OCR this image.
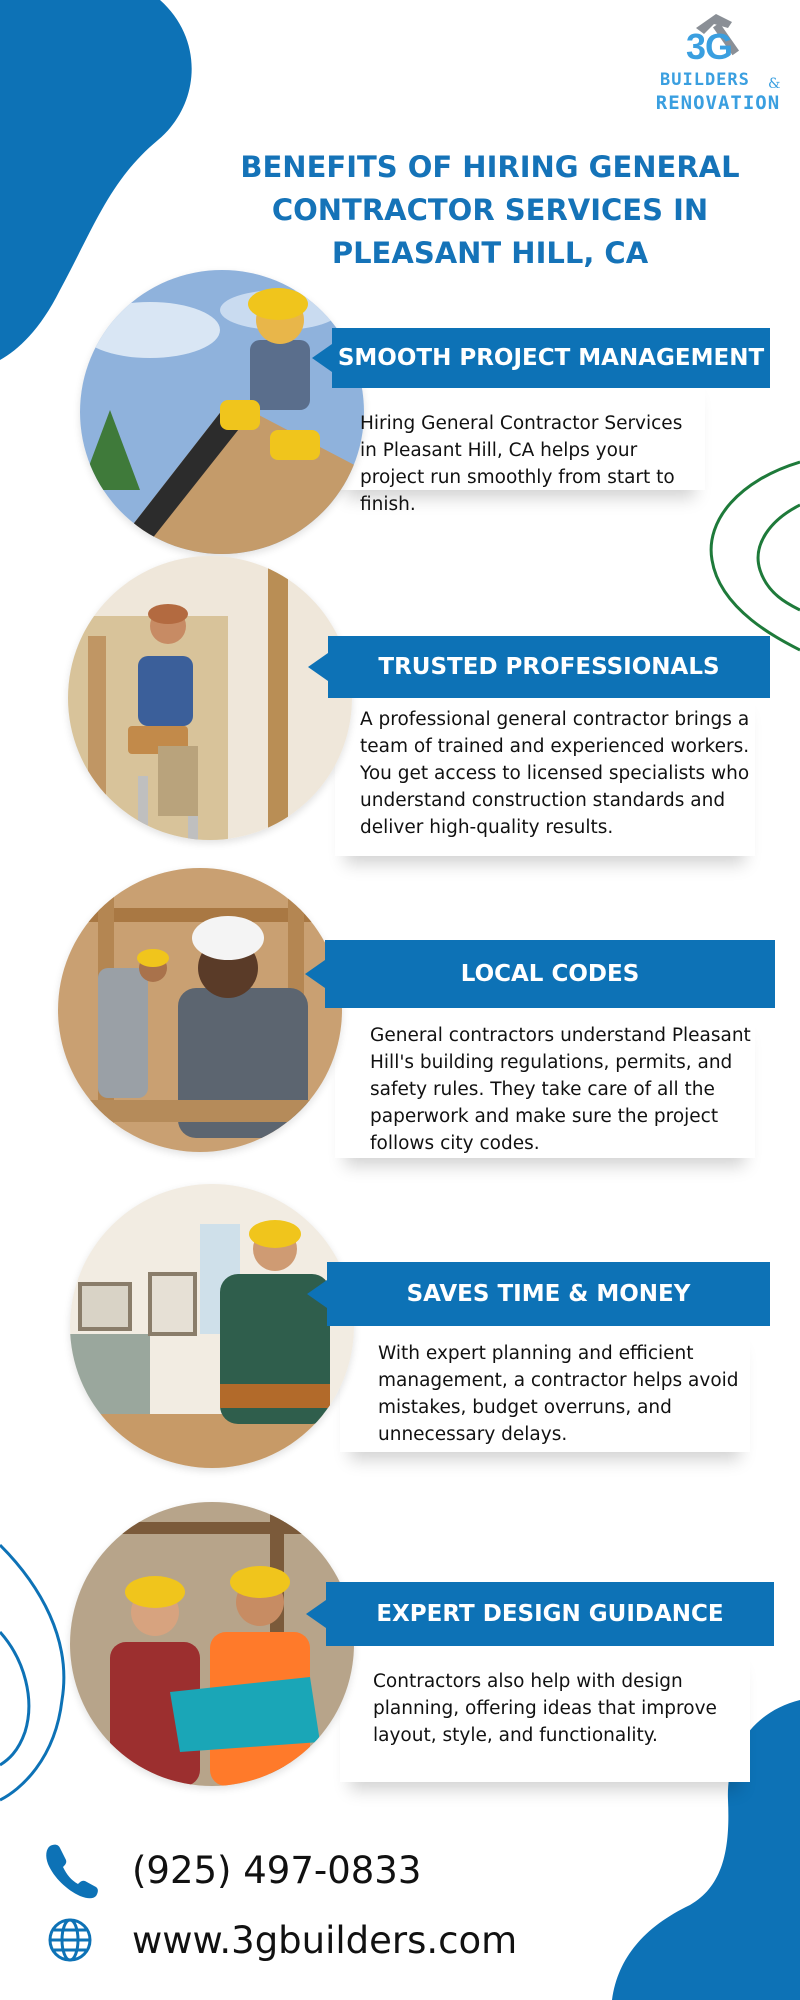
3G
BUILDERS	&
RENOVATION
BENEFITS OF HIRING GENERAL CONTRACTOR SERVICES IN PLEASANT HILL, CA
SMOOTH PROJECT MANAGEMENT
Hiring General Contractor Services in Pleasant Hill, CA helps your project run smoothly from start to finish.
TRUSTED PROFESSIONALS
A professional general contractor brings a team of trained and experienced workers. You get access to licensed specialists who understand construction standards and deliver high-quality results.
LOCAL CODES
General contractors understand Pleasant Hill's building regulations, permits, and safety rules. They take care of all the paperwork and make sure the project follows city codes.
SAVES TIME & MONEY
With expert planning and efficient management, a contractor helps avoid mistakes, budget overruns, and unnecessary delays.
EXPERT DESIGN GUIDANCE
Contractors also help with design planning, offering ideas that improve layout, style, and functionality.
(925) 497-0833
www.3gbuilders.com
